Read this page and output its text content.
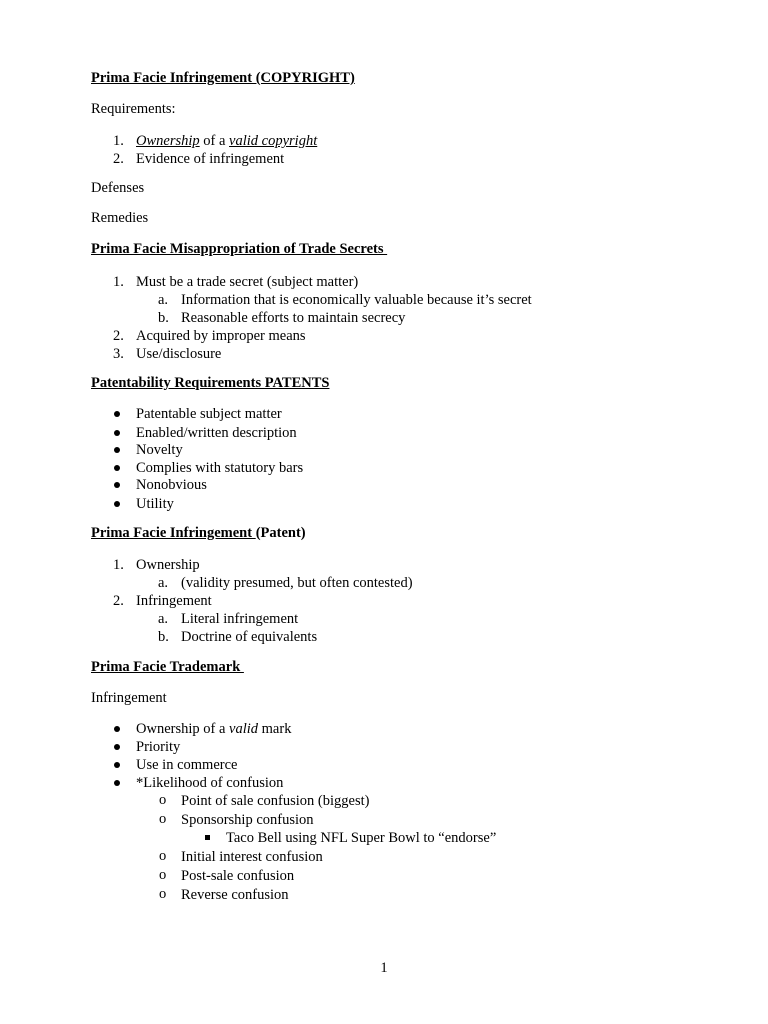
Prima Facie Infringement (COPYRIGHT)
Requirements:
1. Ownership of a valid copyright
2. Evidence of infringement
Defenses
Remedies
Prima Facie Misappropriation of Trade Secrets
1. Must be a trade secret (subject matter)
a. Information that is economically valuable because it’s secret
b. Reasonable efforts to maintain secrecy
2. Acquired by improper means
3. Use/disclosure
Patentability Requirements PATENTS
Patentable subject matter
Enabled/written description
Novelty
Complies with statutory bars
Nonobvious
Utility
Prima Facie Infringement (Patent)
1. Ownership
a. (validity presumed, but often contested)
2. Infringement
a. Literal infringement
b. Doctrine of equivalents
Prima Facie Trademark
Infringement
Ownership of a valid mark
Priority
Use in commerce
*Likelihood of confusion
o Point of sale confusion (biggest)
o Sponsorship confusion
Taco Bell using NFL Super Bowl to “endorse”
o Initial interest confusion
o Post-sale confusion
o Reverse confusion
1
